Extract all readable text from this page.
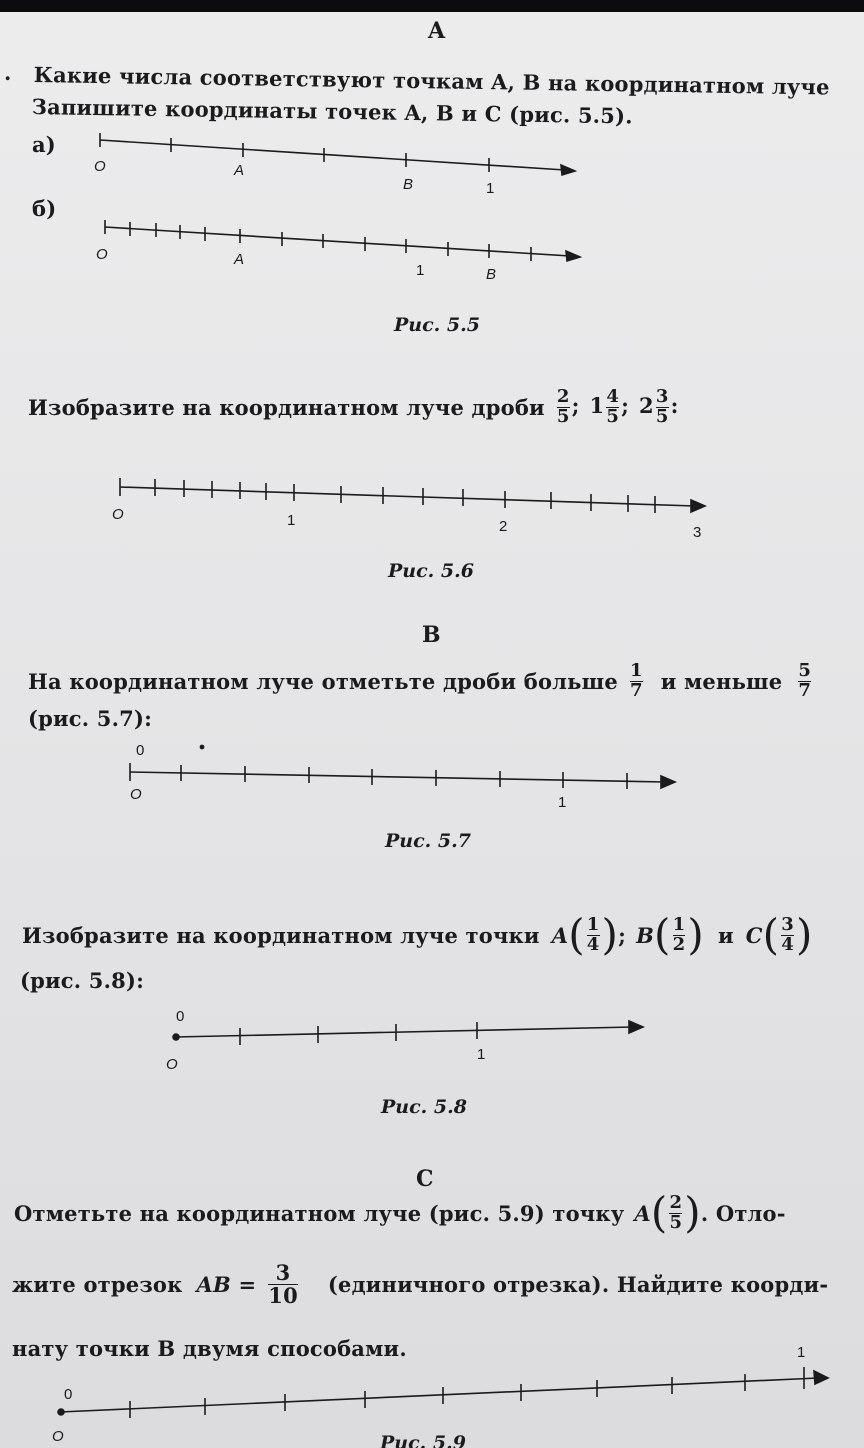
A
. Какие числа соответствуют точкам A, B на координатном луче
Запишите координаты точек A, B и C (рис. 5.5).
а)
б)
O	A
B	1
O	A
1	B
Рис. 5.5
Изобразите на координатном луче дроби $\frac{2}{5}$ ; $1 \frac{4}{5}$ ; $2 \frac{3}{5}$ :
O	1	2	3
Рис. 5.6
B
На координатном луче отметьте дроби больше $\frac{1}{7}$ и меньше $\frac{5}{7}$
(рис. 5.7):
0
O	1
Рис. 5.7
Изобразите на координатном луче точки A ( $\frac{1}{4}$ ) ; B ( $\frac{1}{2}$ ) и C ( $\frac{3}{4}$ )
(рис. 5.8):
0
O
1
Рис. 5.8
C
Отметьте на координатном луче (рис. 5.9) точку A ( $\frac{2}{5}$ ) . Отло-
жите отрезок AB = $\frac{3}{10}$ (единичного отрезка). Найдите коорди-
нату точки B двумя способами.
0
O
1
Рис. 5.9
